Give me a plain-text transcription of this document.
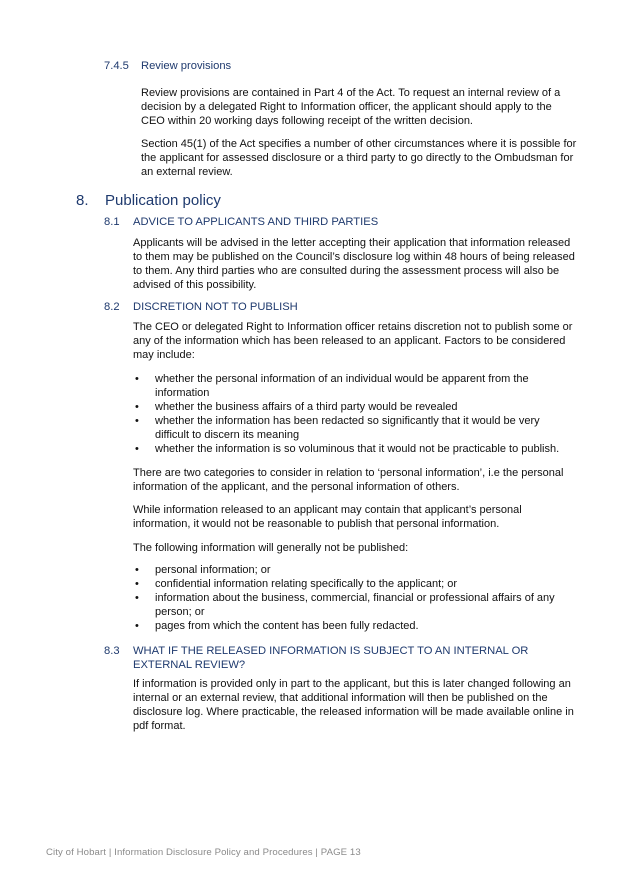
7.4.5 Review provisions

Review provisions are contained in Part 4 of the Act. To request an internal review of a decision by a delegated Right to Information officer, the applicant should apply to the CEO within 20 working days following receipt of the written decision.

Section 45(1) of the Act specifies a number of other circumstances where it is possible for the applicant for assessed disclosure or a third party to go directly to the Ombudsman for an external review.

8. Publication policy
8.1 ADVICE TO APPLICANTS AND THIRD PARTIES

Applicants will be advised in the letter accepting their application that information released to them may be published on the Council’s disclosure log within 48 hours of being released to them. Any third parties who are consulted during the assessment process will also be advised of this possibility.

8.2 DISCRETION NOT TO PUBLISH

The CEO or delegated Right to Information officer retains discretion not to publish some or any of the information which has been released to an applicant. Factors to be considered may include:

• whether the personal information of an individual would be apparent from the information
• whether the business affairs of a third party would be revealed
• whether the information has been redacted so significantly that it would be very difficult to discern its meaning
• whether the information is so voluminous that it would not be practicable to publish.

There are two categories to consider in relation to ‘personal information’, i.e the personal information of the applicant, and the personal information of others.

While information released to an applicant may contain that applicant’s personal information, it would not be reasonable to publish that personal information.

The following information will generally not be published:

• personal information; or
• confidential information relating specifically to the applicant; or
• information about the business, commercial, financial or professional affairs of any person; or
• pages from which the content has been fully redacted.
8.3 WHAT IF THE RELEASED INFORMATION IS SUBJECT TO AN INTERNAL OR EXTERNAL REVIEW?

If information is provided only in part to the applicant, but this is later changed following an internal or an external review, that additional information will then be published on the disclosure log. Where practicable, the released information will be made available online in pdf format.

City of Hobart | Information Disclosure Policy and Procedures | PAGE 13
